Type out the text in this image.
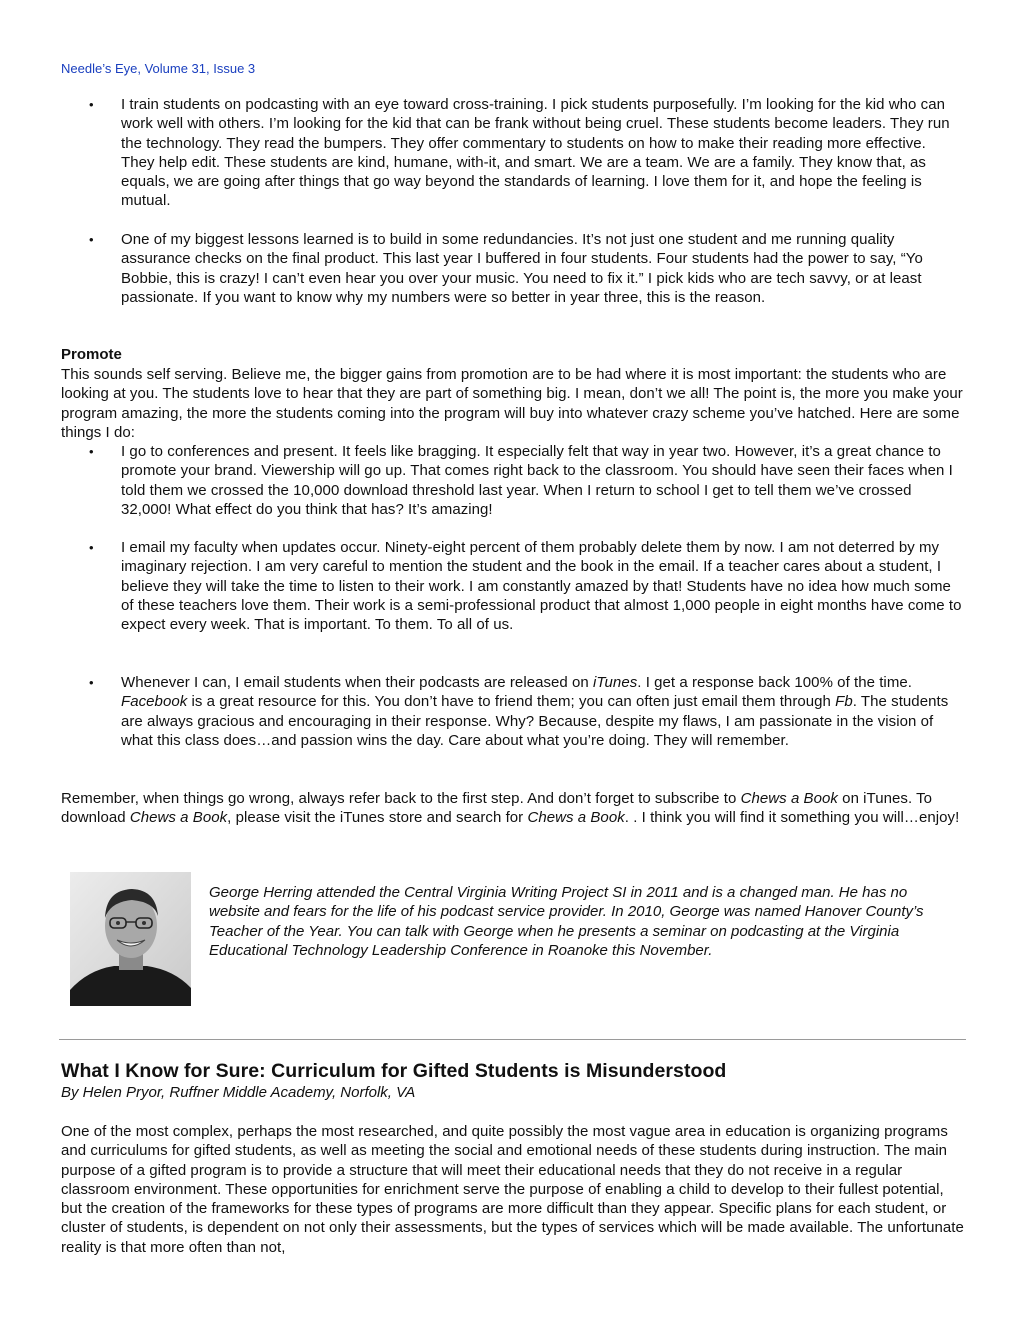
Needle’s Eye, Volume 31, Issue 3
• I train students on podcasting with an eye toward cross-training. I pick students purposefully. I’m looking for the kid who can work well with others. I’m looking for the kid that can be frank without being cruel. These students become leaders. They run the technology. They read the bumpers. They offer commentary to students on how to make their reading more effective. They help edit. These students are kind, humane, with-it, and smart. We are a team. We are a family. They know that, as equals, we are going after things that go way beyond the standards of learning. I love them for it, and hope the feeling is mutual.
• One of my biggest lessons learned is to build in some redundancies. It’s not just one student and me running quality assurance checks on the final product. This last year I buffered in four students. Four students had the power to say, “Yo Bobbie, this is crazy! I can’t even hear you over your music. You need to fix it.” I pick kids who are tech savvy, or at least passionate. If you want to know why my numbers were so better in year three, this is the reason.
Promote

This sounds self serving. Believe me, the bigger gains from promotion are to be had where it is most important: the students who are looking at you. The students love to hear that they are part of something big. I mean, don’t we all! The point is, the more you make your program amazing, the more the students coming into the program will buy into whatever crazy scheme you’ve hatched. Here are some things I do:

• I go to conferences and present. It feels like bragging. It especially felt that way in year two. However, it’s a great chance to promote your brand. Viewership will go up. That comes right back to the classroom. You should have seen their faces when I told them we crossed the 10,000 download threshold last year. When I return to school I get to tell them we’ve crossed 32,000! What effect do you think that has? It’s amazing!
• I email my faculty when updates occur. Ninety-eight percent of them probably delete them by now. I am not deterred by my imaginary rejection. I am very careful to mention the student and the book in the email. If a teacher cares about a student, I believe they will take the time to listen to their work. I am constantly amazed by that! Students have no idea how much some of these teachers love them. Their work is a semi-professional product that almost 1,000 people in eight months have come to expect every week. That is important. To them. To all of us.
• Whenever I can, I email students when their podcasts are released on iTunes. I get a response back 100% of the time. Facebook is a great resource for this. You don’t have to friend them; you can often just email them through Fb. The students are always gracious and encouraging in their response. Why? Because, despite my flaws, I am passionate in the vision of what this class does…and passion wins the day. Care about what you’re doing. They will remember.

Remember, when things go wrong, always refer back to the first step. And don’t forget to subscribe to Chews a Book on iTunes. To download Chews a Book, please visit the iTunes store and search for Chews a Book. . I think you will find it something you will…enjoy!

George Herring attended the Central Virginia Writing Project SI in 2011 and is a changed man. He has no website and fears for the life of his podcast service provider. In 2010, George was named Hanover County’s Teacher of the Year. You can talk with George when he presents a seminar on podcasting at the Virginia Educational Technology Leadership Conference in Roanoke this November.

What I Know for Sure: Curriculum for Gifted Students is Misunderstood

By Helen Pryor, Ruffner Middle Academy, Norfolk, VA

One of the most complex, perhaps the most researched, and quite possibly the most vague area in education is organizing programs and curriculums for gifted students, as well as meeting the social and emotional needs of these students during instruction. The main purpose of a gifted program is to provide a structure that will meet their educational needs that they do not receive in a regular classroom environment. These opportunities for enrichment serve the purpose of enabling a child to develop to their fullest potential, but the creation of the frameworks for these types of programs are more difficult than they appear. Specific plans for each student, or cluster of students, is dependent on not only their assessments, but the types of services which will be made available. The unfortunate reality is that more often than not,
